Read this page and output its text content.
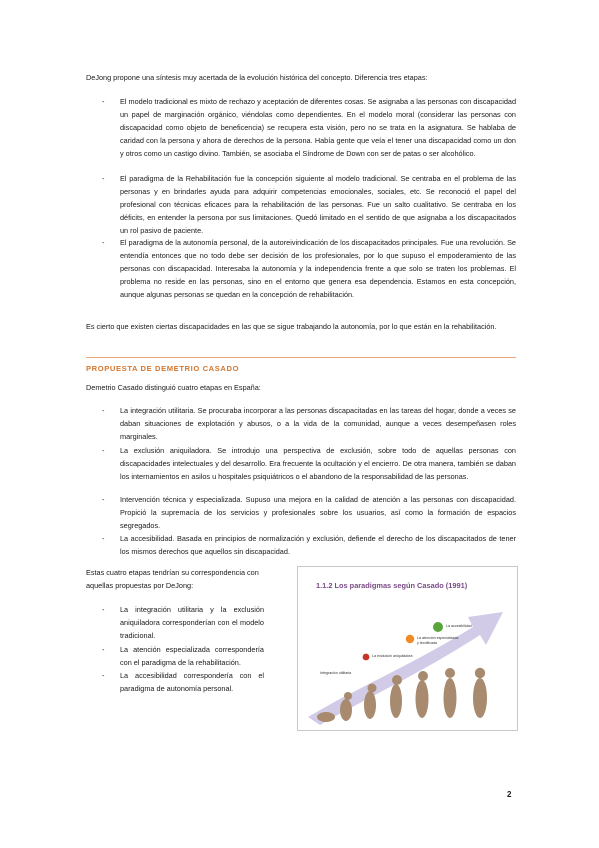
DeJong propone una síntesis muy acertada de la evolución histórica del concepto. Diferencia tres etapas:

- El modelo tradicional es mixto de rechazo y aceptación de diferentes cosas. Se asignaba a las personas con discapacidad un papel de marginación orgánico, viéndolas como dependientes. En el modelo moral (considerar las personas con discapacidad como objeto de beneficencia) se recupera esta visión, pero no se trata en la asignatura. Se hablaba de caridad con la persona y ahora de derechos de la persona. Había gente que veía el tener una discapacidad como un don y otros como un castigo divino. También, se asociaba el Síndrome de Down con ser de patas o ser alcohólico.
- El paradigma de la Rehabilitación fue la concepción siguiente al modelo tradicional. Se centraba en el problema de las personas y en brindarles ayuda para adquirir competencias emocionales, sociales, etc. Se reconoció el papel del profesional con técnicas eficaces para la rehabilitación de las personas. Fue un salto cualitativo. Se centraba en los déficits, en entender la persona por sus limitaciones. Quedó limitado en el sentido de que asignaba a los discapacitados un rol pasivo de paciente.
- El paradigma de la autonomía personal, de la autoreivindicación de los discapacitados principales. Fue una revolución. Se entendía entonces que no todo debe ser decisión de los profesionales, por lo que supuso el empoderamiento de las personas con discapacidad. Interesaba la autonomía y la independencia frente a que solo se traten los problemas. El problema no reside en las personas, sino en el entorno que genera esa dependencia. Estamos en esta concepción, aunque algunas personas se quedan en la concepción de rehabilitación.

Es cierto que existen ciertas discapacidades en las que se sigue trabajando la autonomía, por lo que están en la rehabilitación.

PROPUESTA DE DEMETRIO CASADO

Demetrio Casado distinguió cuatro etapas en España:

- La integración utilitaria. Se procuraba incorporar a las personas discapacitadas en las tareas del hogar, donde a veces se daban situaciones de explotación y abusos, o a la vida de la comunidad, aunque a veces desempeñasen roles marginales.
- La exclusión aniquiladora. Se introdujo una perspectiva de exclusión, sobre todo de aquellas personas con discapacidades intelectuales y del desarrollo. Era frecuente la ocultación y el encierro. De otra manera, también se daban los internamientos en asilos u hospitales psiquiátricos o el abandono de la responsabilidad de las personas.
- Intervención técnica y especializada. Supuso una mejora en la calidad de atención a las personas con discapacidad. Propició la supremacía de los servicios y profesionales sobre los usuarios, así como la formación de espacios segregados.
- La accesibilidad. Basada en principios de normalización y exclusión, defiende el derecho de los discapacitados de tener los mismos derechos que aquellos sin discapacidad.

Estas cuatro etapas tendrían su correspondencia con aquellas propuestas por DeJong:

- La integración utilitaria y la exclusión aniquiladora corresponderían con el modelo tradicional.
- La atención especializada correspondería con el paradigma de la rehabilitación.
- La accesibilidad correspondería con el paradigma de autonomía personal.
1.1.2 Los paradigmas según Casado (1991)
Integración utilitaria
La exclusión aniquiladora
La atención especializada y tecnificada
La accesibilidad
2
